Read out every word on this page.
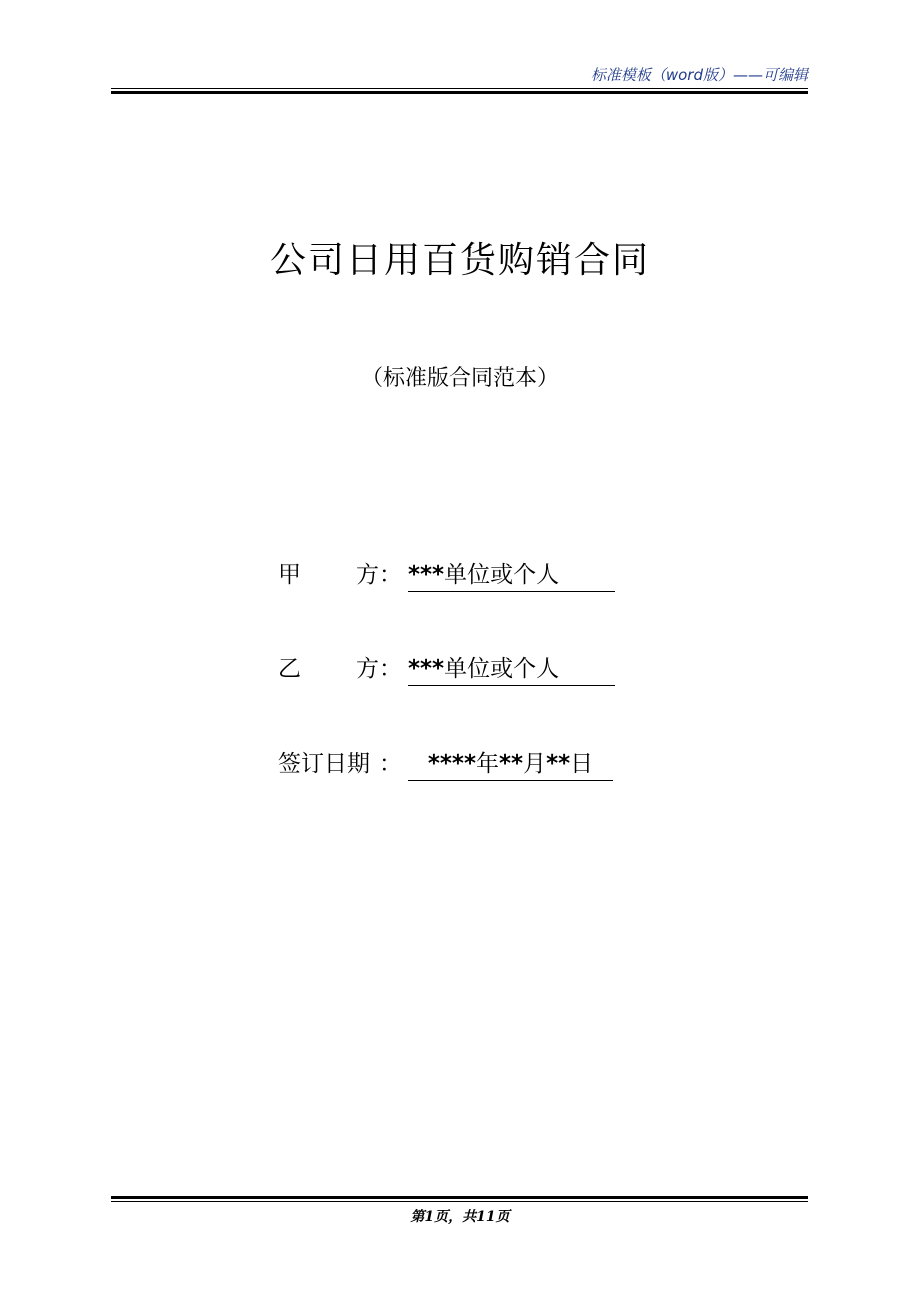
标准模板（word版）——可编辑
公司日用百货购销合同
（标准版合同范本）
甲 方 ： ***单位或个人
乙 方 ： ***单位或个人
签订日期 ：	****年**月**日
第1页，共11页
